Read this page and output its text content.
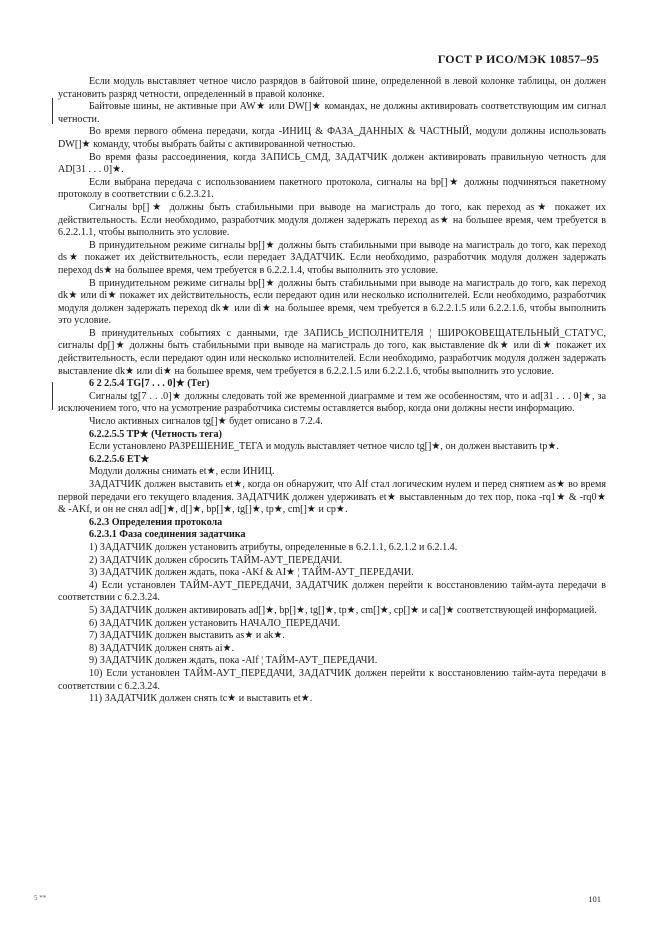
ГОСТ Р ИСО/МЭК 10857–95

Если модуль выставляет четное число разрядов в байтовой шине, определенной в левой колонке таблицы, он должен установить разряд четности, определенный в правой колонке.

Байтовые шины, не активные при AW★ или DW[]★ командах, не должны активировать соответствующим им сигнал четности.

Во время первого обмена передачи, когда -ИНИЦ & ФАЗА_ДАННЫХ & ЧАСТНЫЙ, модули должны использовать DW[]★ команду, чтобы выбрать байты с активированной четностью.

Во время фазы рассоединения, когда ЗАПИСЬ_СМД, ЗАДАТЧИК должен активировать правильную четность для AD[31 . . . 0]★.

Если выбрана передача с использованием пакетного протокола, сигналы на bp[]★ должны подчиняться пакетному протоколу в соответствии с 6.2.3.21.

Сигналы bp[]★ должны быть стабильными при выводе на магистраль до того, как переход as★ покажет их действительность. Если необходимо, разработчик модуля должен задержать переход as★ на большее время, чем требуется в 6.2.2.1.1, чтобы выполнить это условие.

В принудительном режиме сигналы bp[]★ должны быть стабильными при выводе на магистраль до того, как переход ds★ покажет их действительность, если передает ЗАДАТЧИК. Если необходимо, разработчик модуля должен задержать переход ds★ на большее время, чем требуется в 6.2.2.1.4, чтобы выполнить это условие.

В принудительном режиме сигналы bp[]★ должны быть стабильными при выводе на магистраль до того, как переход dk★ или di★ покажет их действительность, если передают один или несколько исполнителей. Если необходимо, разработчик модуля должен задержать переход dk★ или di★ на большее время, чем требуется в 6.2.2.1.5 или 6.2.2.1.6, чтобы выполнить это условие.

В принудительных событиях с данными, где ЗАПИСЬ_ИСПОЛНИТЕЛЯ ¦ ШИРОКОВЕЩАТЕЛЬНЫЙ_СТАТУС, сигналы dp[]★ должны быть стабильными при выводе на магистраль до того, как выставление dk★ или di★ покажет их действительность, если передают один или несколько исполнителей. Если необходимо, разработчик модуля должен задержать выставление dk★ или di★ на большее время, чем требуется в 6.2.2.1.5 или 6.2.2.1.6, чтобы выполнить это условие.

6 2 2.5.4 TG[7 . . . 0]★ (Тег)

Сигналы tg[7 . . .0]★ должны следовать той же временной диаграмме и тем же особенностям, что и ad[31 . . . 0]★, за исключением того, что на усмотрение разработчика системы оставляется выбор, когда они должны нести информацию.

Число активных сигналов tg[]★ будет описано в 7.2.4.

6.2.2.5.5 TP★ (Четность тега)

Если установлено РАЗРЕШЕНИЕ_ТЕГА и модуль выставляет четное число tg[]★, он должен выставить tp★.

6.2.2.5.6 ET★

Модули должны снимать et★, если ИНИЦ.

ЗАДАТЧИК должен выставить et★, когда он обнаружит, что Alf стал логическим нулем и перед снятием as★ во время первой передачи его текущего владения. ЗАДАТЧИК должен удерживать et★ выставленным до тех пор, пока -rq1★ & -rq0★ & -AKf, и он не снял ad[]★, d[]★, bp[]★, tg[]★, tp★, cm[]★ и cp★.

6.2.3 Определения протокола

6.2.3.1 Фаза соединения задатчика

1) ЗАДАТЧИК должен установить атрибуты, определенные в 6.2.1.1, 6.2.1.2 и 6.2.1.4.

2) ЗАДАТЧИК должен сбросить ТАЙМ-АУТ_ПЕРЕДАЧИ.

3) ЗАДАТЧИК должен ждать, пока -AKf & AI★ ¦ ТАЙМ-АУТ_ПЕРЕДАЧИ.

4) Если установлен ТАЙМ-АУТ_ПЕРЕДАЧИ, ЗАДАТЧИК должен перейти к восстановлению тайм-аута передачи в соответствии с 6.2.3.24.

5) ЗАДАТЧИК должен активировать ad[]★, bp[]★, tg[]★, tp★, cm[]★, cp[]★ и ca[]★ соответствующей информацией.

6) ЗАДАТЧИК должен установить НАЧАЛО_ПЕРЕДАЧИ.

7) ЗАДАТЧИК должен выставить as★ и ak★.

8) ЗАДАТЧИК должен снять ai★.

9) ЗАДАТЧИК должен ждать, пока -Alf ¦ ТАЙМ-АУТ_ПЕРЕДАЧИ.

10) Если установлен ТАЙМ-АУТ_ПЕРЕДАЧИ, ЗАДАТЧИК должен перейти к восстановлению тайм-аута передачи в соответствии с 6.2.3.24.

11) ЗАДАТЧИК должен снять tc★ и выставить et★.

5 **	101
